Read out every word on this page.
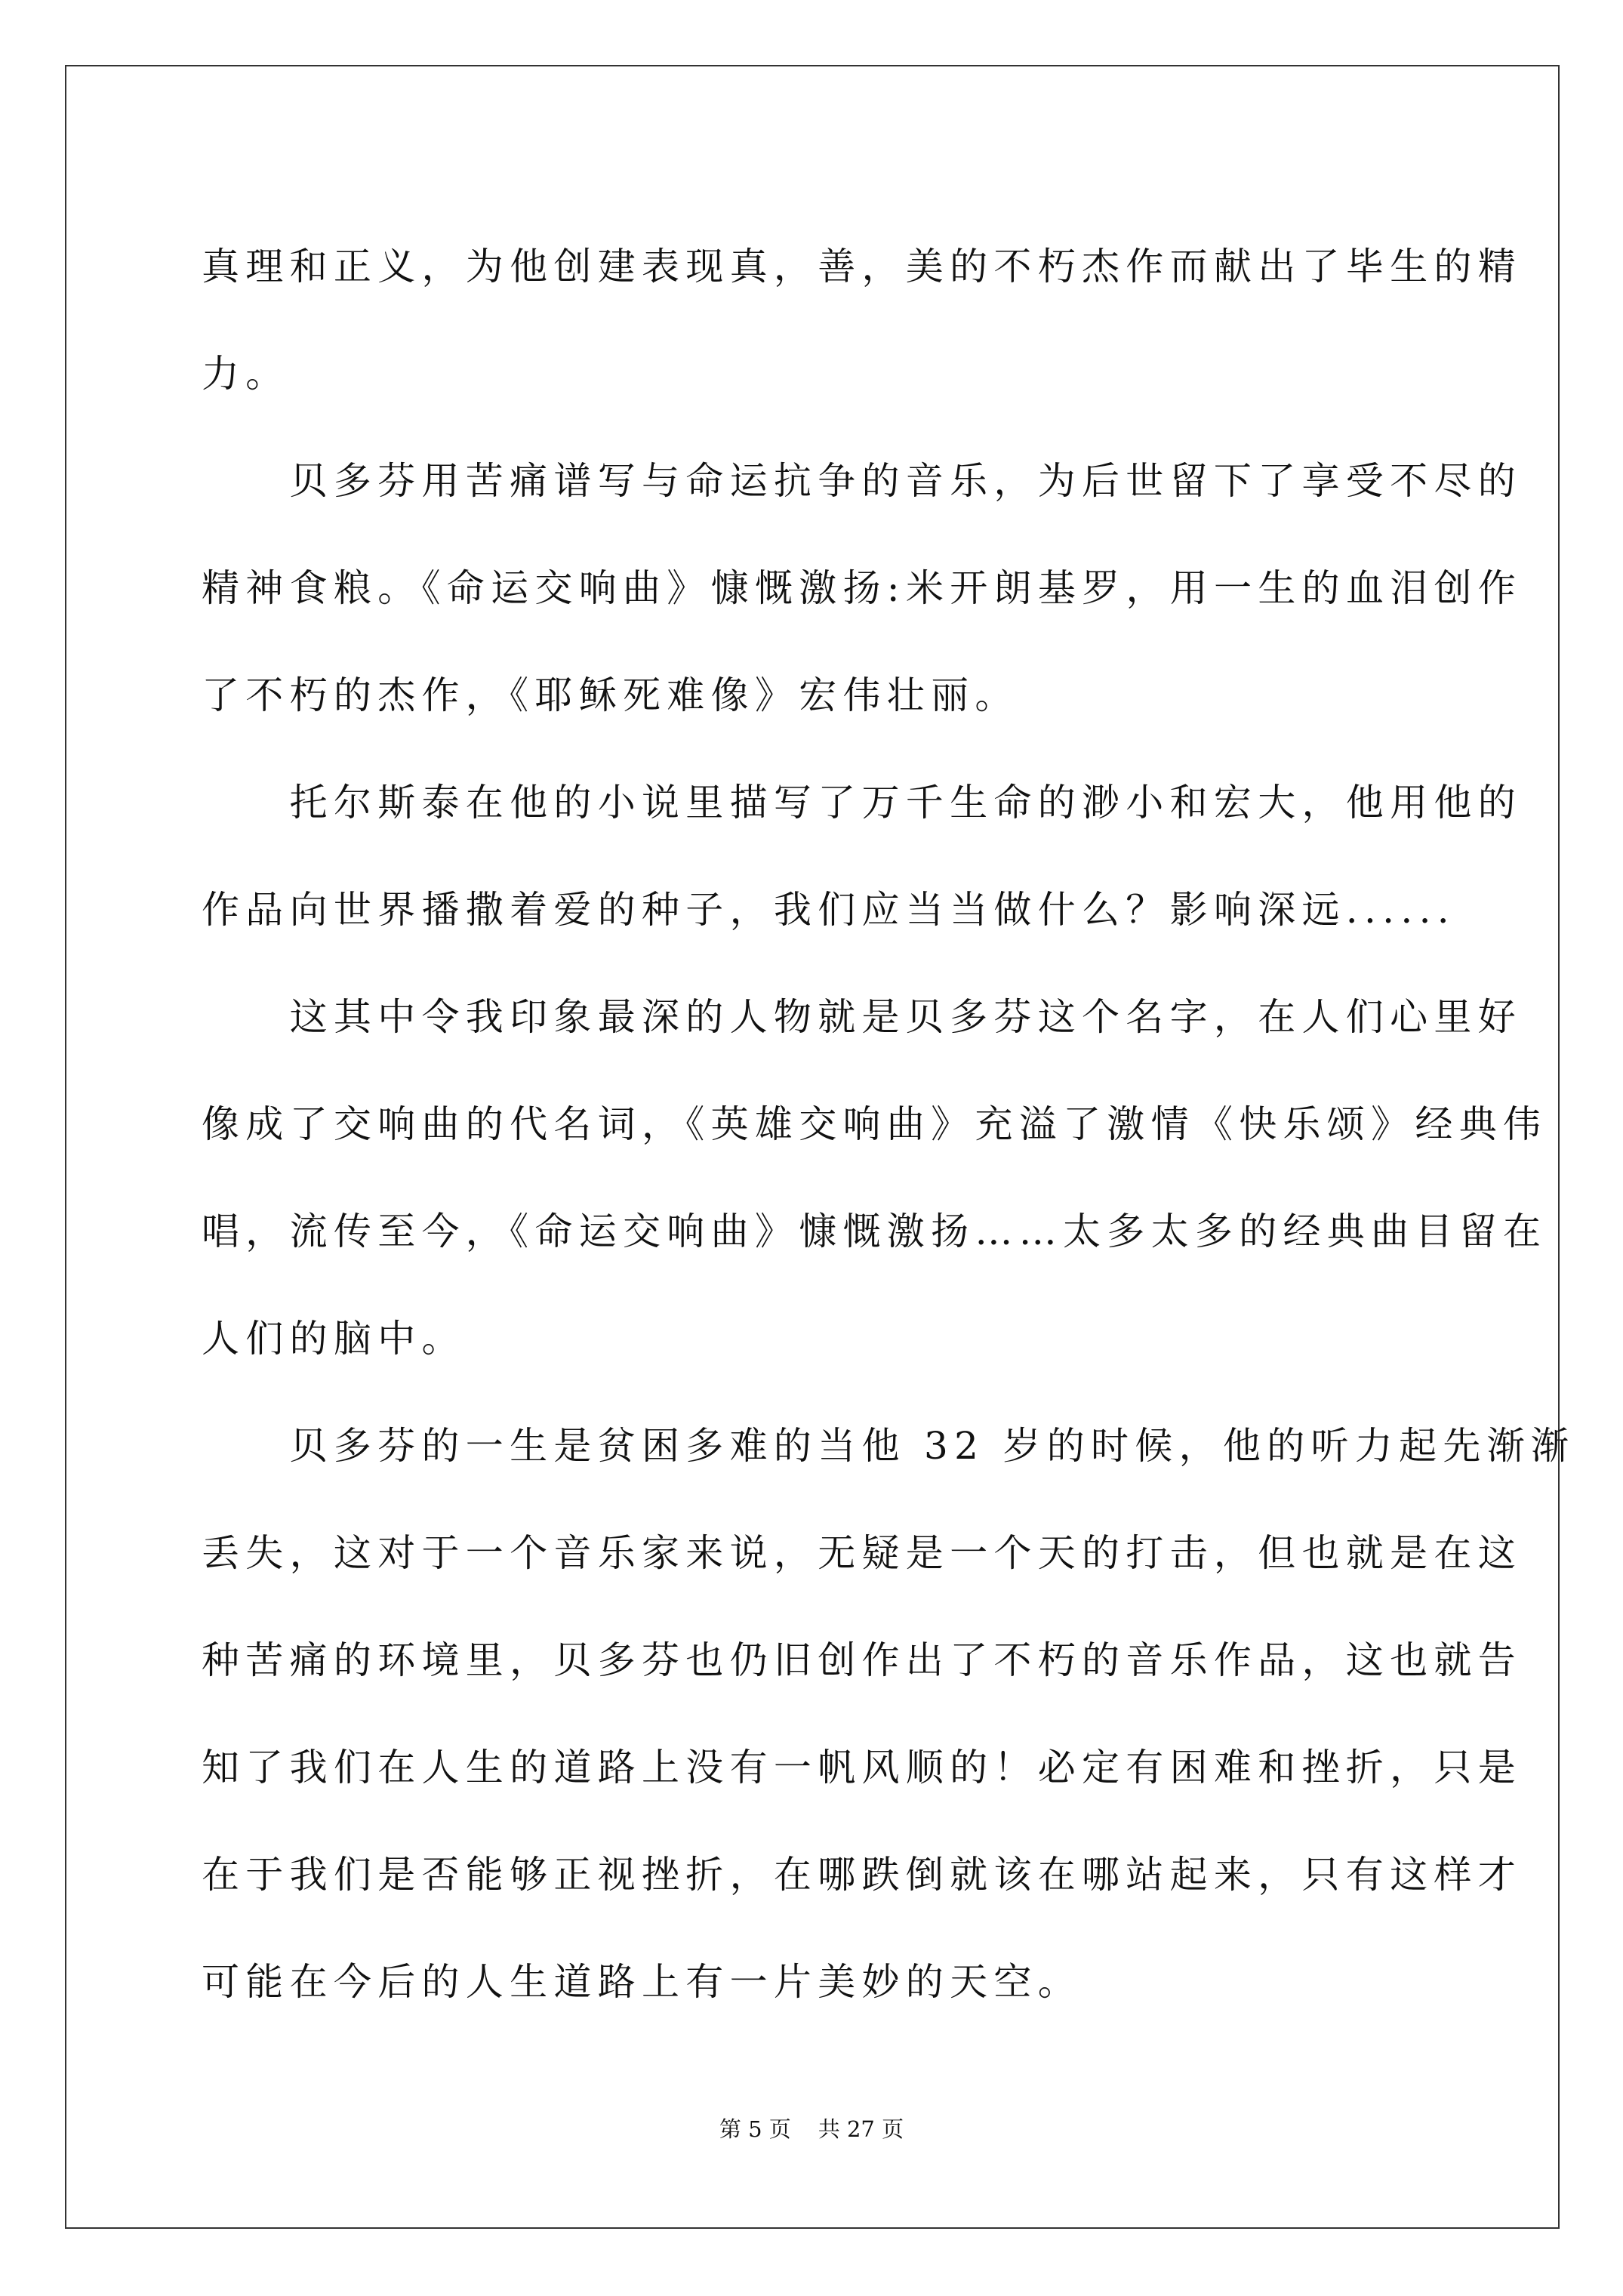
真理和正义，为他创建表现真，善，美的不朽杰作而献出了毕生的精
力。
　　贝多芬用苦痛谱写与命运抗争的音乐，为后世留下了享受不尽的
精神食粮。《命运交响曲》慷慨激扬:米开朗基罗，用一生的血泪创作
了不朽的杰作，《耶稣死难像》宏伟壮丽。
　　托尔斯泰在他的小说里描写了万千生命的渺小和宏大，他用他的
作品向世界播撒着爱的种子，我们应当当做什么？影响深远......
　　这其中令我印象最深的人物就是贝多芬这个名字，在人们心里好
像成了交响曲的代名词，《英雄交响曲》充溢了激情《快乐颂》经典伟
唱，流传至今，《命运交响曲》慷慨激扬……太多太多的经典曲目留在
人们的脑中。
　　贝多芬的一生是贫困多难的当他 32 岁的时候，他的听力起先渐渐
丢失，这对于一个音乐家来说，无疑是一个天的打击，但也就是在这
种苦痛的环境里，贝多芬也仍旧创作出了不朽的音乐作品，这也就告
知了我们在人生的道路上没有一帆风顺的！必定有困难和挫折，只是
在于我们是否能够正视挫折，在哪跌倒就该在哪站起来，只有这样才
可能在今后的人生道路上有一片美妙的天空。
第 5 页 共 27 页
